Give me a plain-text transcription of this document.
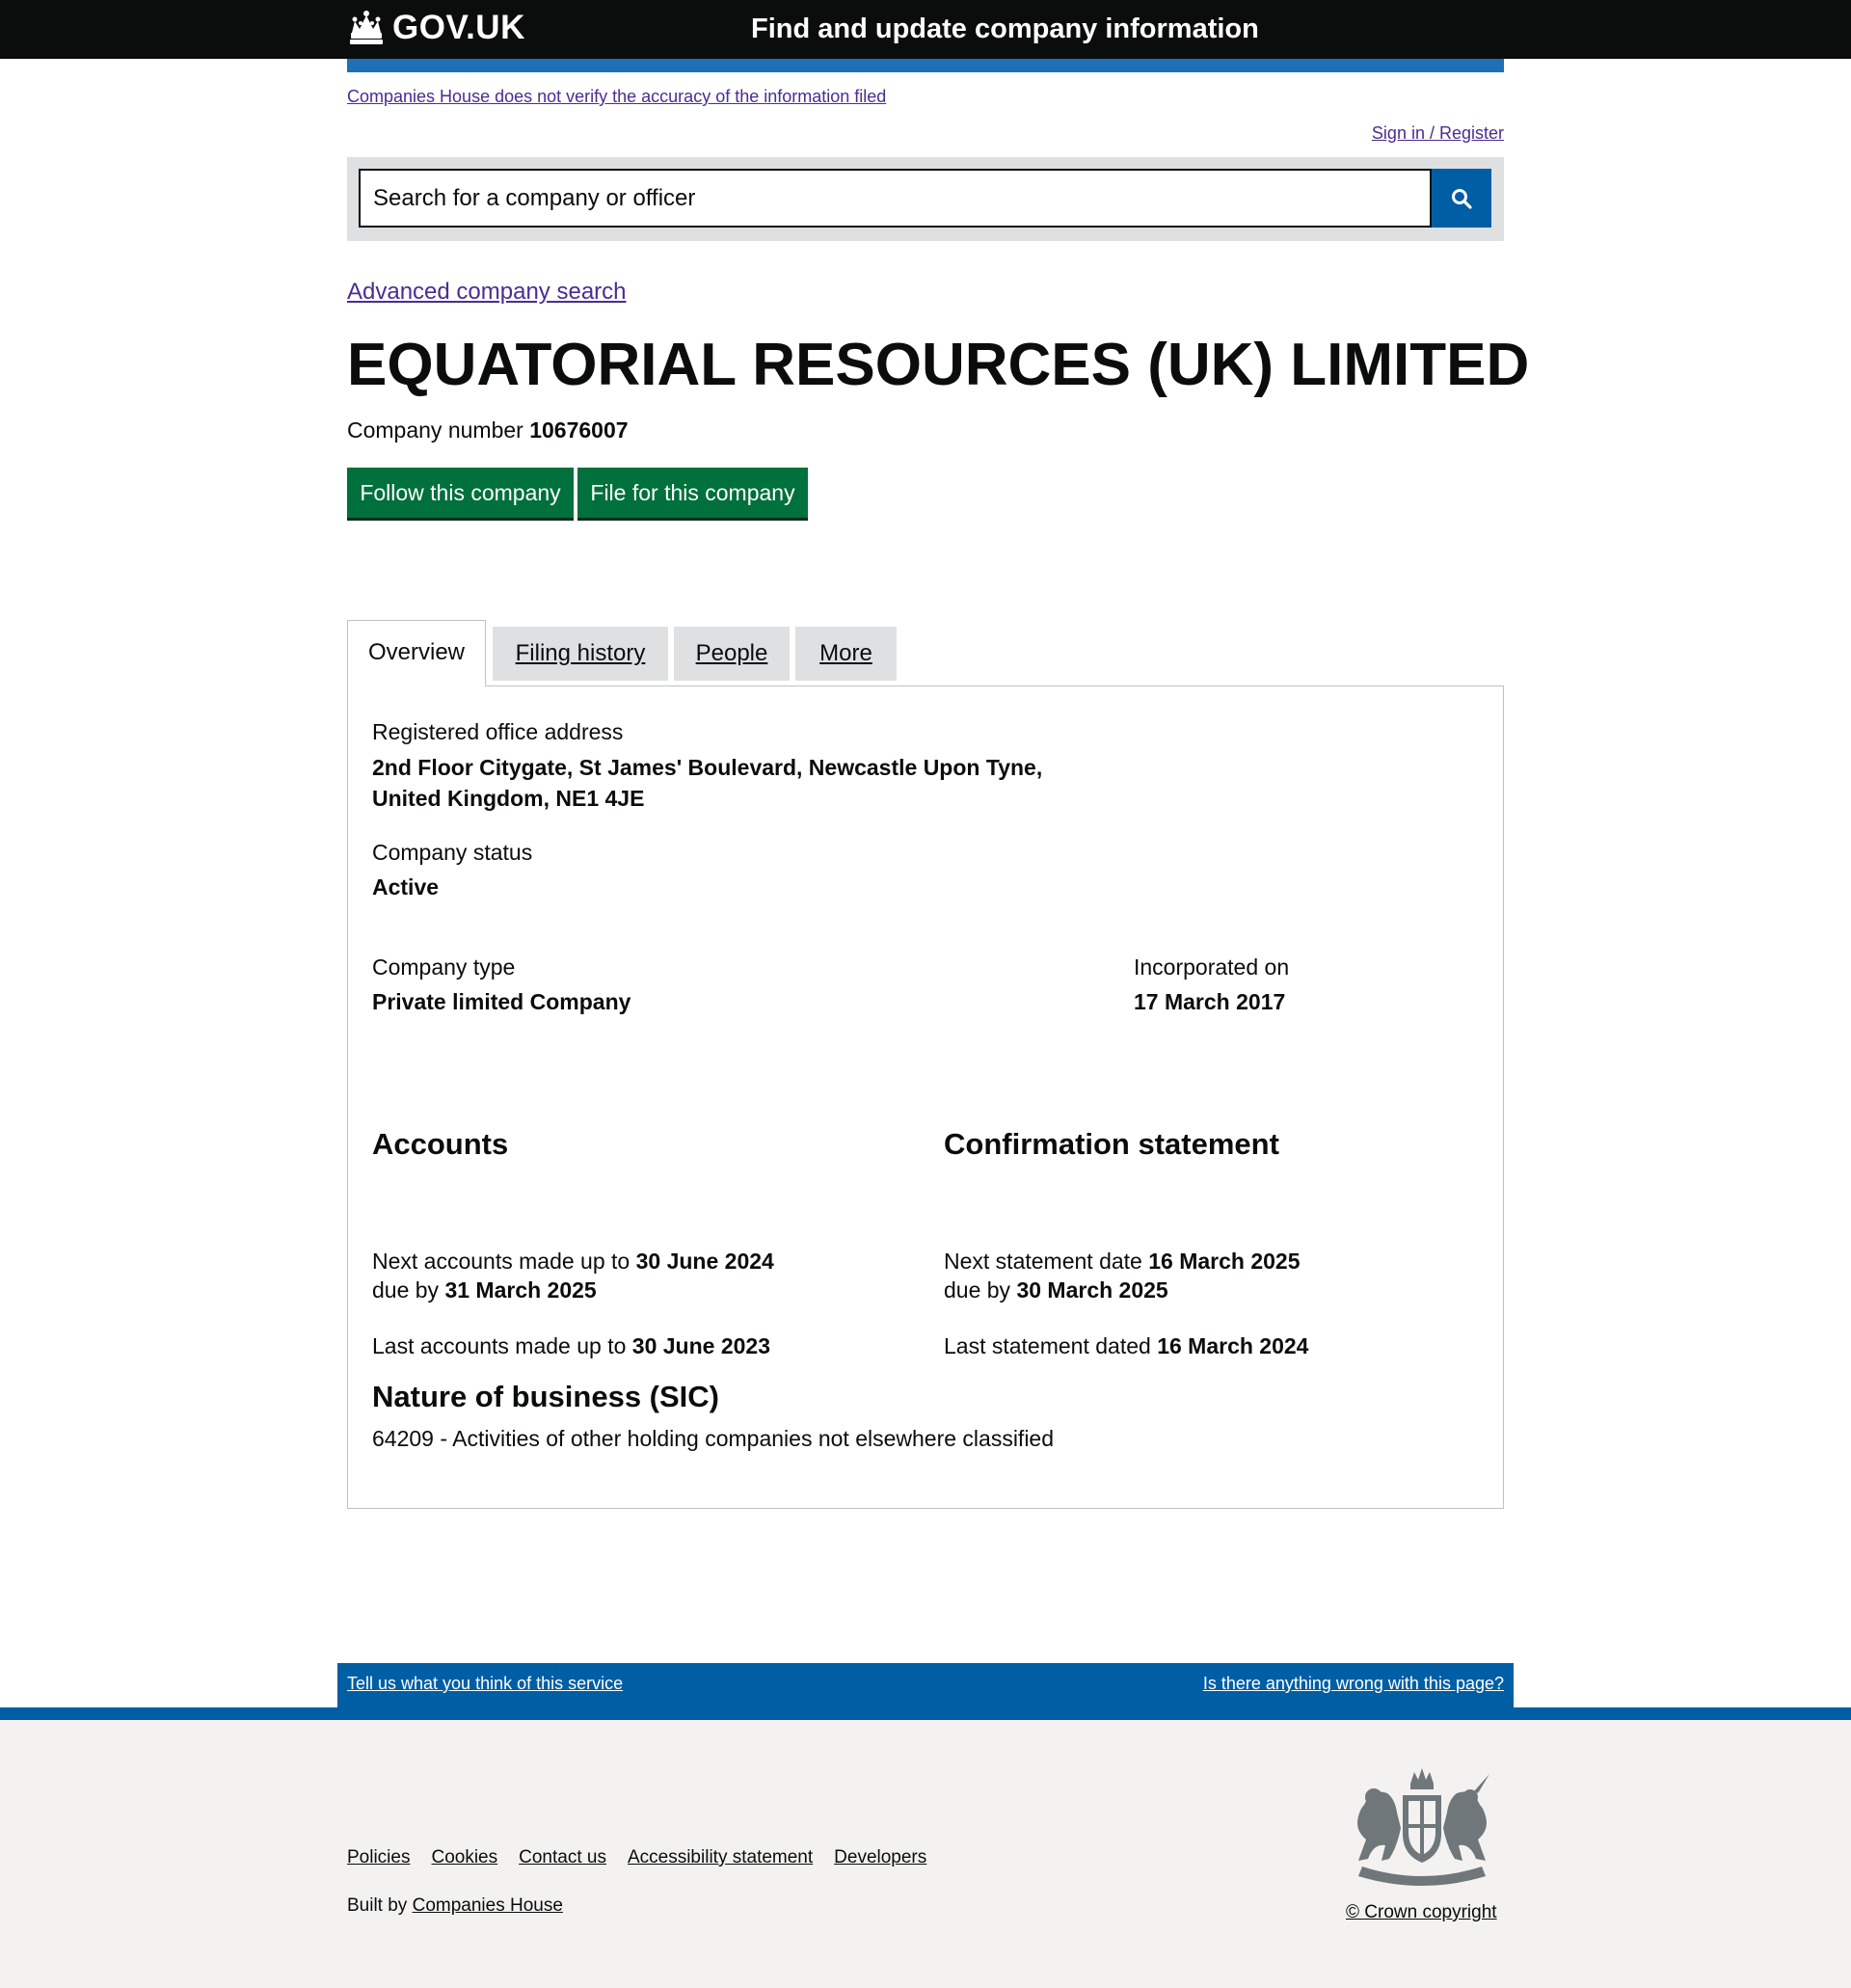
GOV.UK	Find and update company information
Companies House does not verify the accuracy of the information filed
Sign in / Register
Search for a company or officer
Advanced company search
EQUATORIAL RESOURCES (UK) LIMITED

Company number 10676007

Follow this company	File for this company
Overview	Filing history	People	More
Registered office address
2nd Floor Citygate, St James' Boulevard, Newcastle Upon Tyne,
United Kingdom, NE1 4JE
Company status
Active
Company type
Private limited Company
Incorporated on
17 March 2017
Accounts
Next accounts made up to 30 June 2024
due by 31 March 2025
Last accounts made up to 30 June 2023
Confirmation statement
Next statement date 16 March 2025
due by 30 March 2025
Last statement dated 16 March 2024
Nature of business (SIC)
64209 - Activities of other holding companies not elsewhere classified
Tell us what you think of this service	Is there anything wrong with this page?
Policies Cookies Contact us Accessibility statement Developers

Built by Companies House	© Crown copyright
